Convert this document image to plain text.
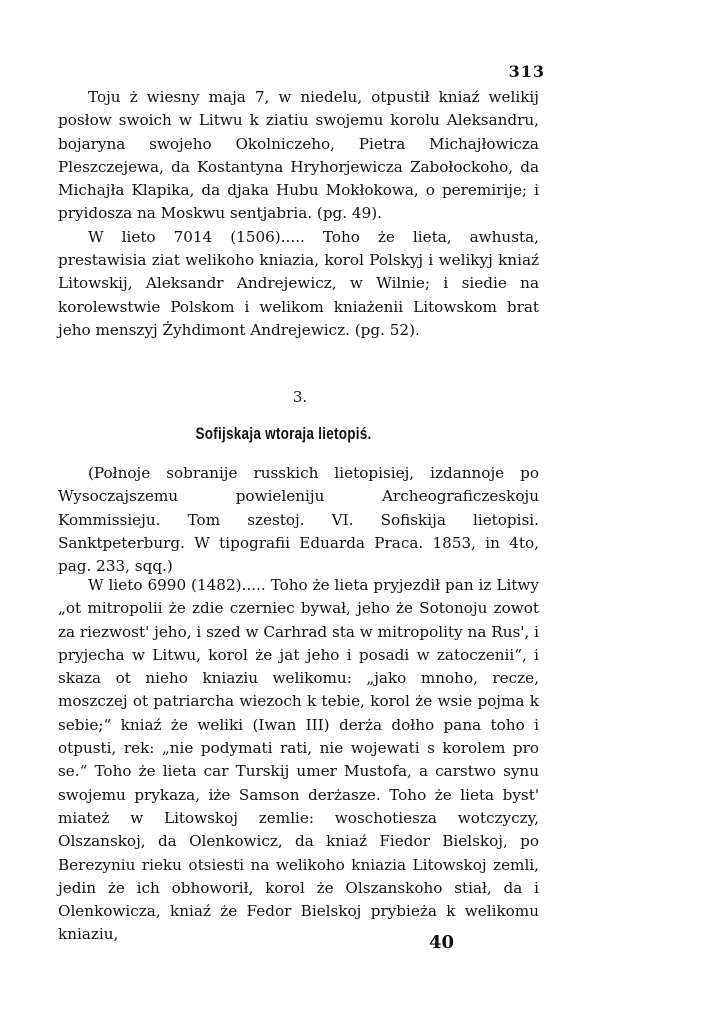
313

Toju ż wiesny maja 7, w niedelu, otpustił kniaź welikij posłow swoich w Litwu k ziatiu swojemu korolu Aleksandru, bojaryna swojeho Okolniczeho, Pietra Michajłowicza Pleszczejewa, da Kostantyna Hryhorjewicza Zabołockoho, da Michajła Klapika, da djaka Hubu Mokłokowa, o peremirije; i pryidosza na Moskwu sentjabria. (pg. 49).

W lieto 7014 (1506)..... Toho że lieta, awhusta, prestawisia ziat welikoho kniazia, korol Polskyj i welikyj kniaź Litowskij, Aleksandr Andrejewicz, w Wilnie; i siedie na korolewstwie Polskom i welikom kniażenii Litowskom brat jeho menszyj Żyhdimont Andrejewicz. (pg. 52).

3.
Sofijskaja wtoraja lietopiś.

(Połnoje sobranije russkich lietopisiej, izdannoje po Wysoczajszemu powieleniju Archeograficzeskoju Kommissieju. Tom szestoj. VI. Sofiskija lietopisi. Sanktpeterburg. W tipografii Eduarda Praca. 1853, in 4to, pag. 233, sqq.)

W lieto 6990 (1482)..... Toho że lieta pryjezdił pan iz Litwy „ot mitropolii że zdie czerniec bywał, jeho że Sotonoju zowot za riezwost' jeho, i szed w Carhrad sta w mitropolity na Rus', i pryjecha w Litwu, korol że jat jeho i posadi w zatoczenii“, i skaza ot nieho kniaziu welikomu: „jako mnoho, recze, moszczej ot patriarcha wiezoch k tebie, korol że wsie pojma k sebie;“ kniaź że weliki (Iwan III) derża dołho pana toho i otpusti, rek: „nie podymati rati, nie wojewati s korolem pro se.“ Toho że lieta car Turskij umer Mustofa, a carstwo synu swojemu prykaza, iże Samson derżasze. Toho że lieta byst' miateż w Litowskoj zemlie: woschotiesza wotczyczy, Olszanskoj, da Olenkowicz, da kniaź Fiedor Bielskoj, po Berezyniu rieku otsiesti na welikoho kniazia Litowskoj zemli, jedin że ich obhoworił, korol że Olszanskoho stiał, da i Olenkowicza, kniaź że Fedor Bielskoj prybieża k welikomu kniaziu,	40
